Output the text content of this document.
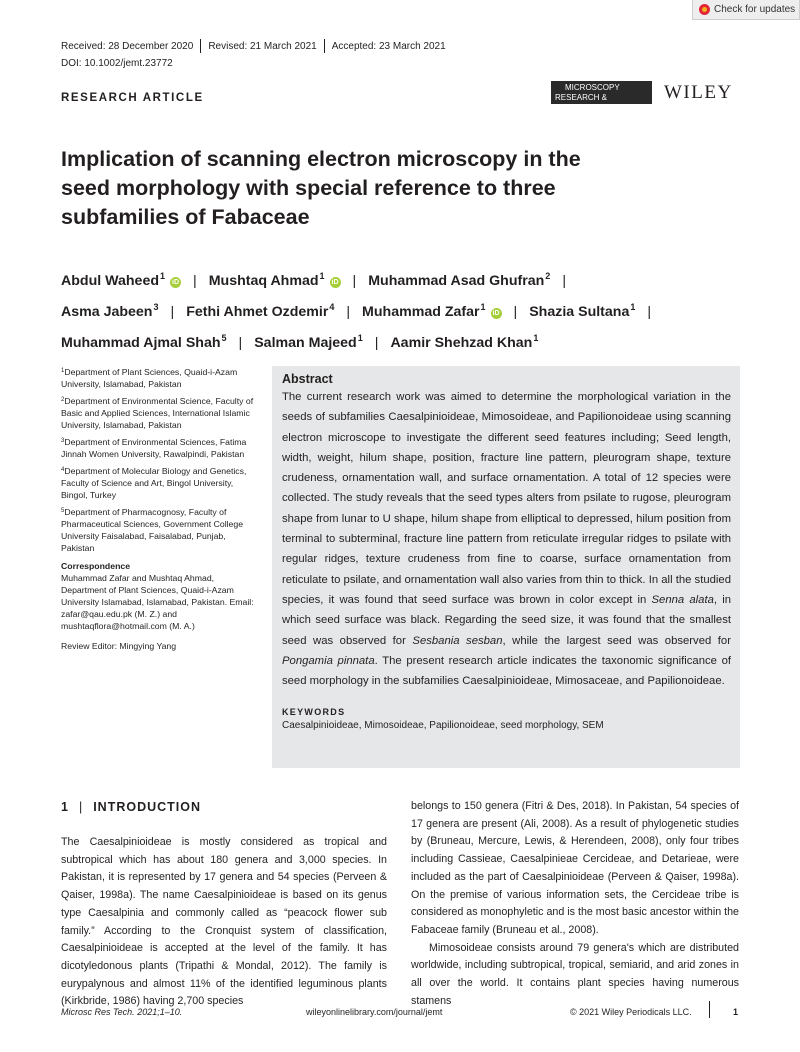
Check for updates
Received: 28 December 2020 Revised: 21 March 2021 Accepted: 23 March 2021
DOI: 10.1002/jemt.23772
RESEARCH ARTICLE
MICROSCOPY
RESEARCH & TECHNIQUE
WILEY
Implication of scanning electron microscopy in the seed morphology with special reference to three subfamilies of Fabaceae
Abdul Waheed$^1$iD | Mushtaq Ahmad$^1$iD | Muhammad Asad Ghufran$^2$ |
Asma Jabeen$^3$ | Fethi Ahmet Ozdemir$^4$ | Muhammad Zafar$^1$iD | Shazia Sultana$^1$ |
Muhammad Ajmal Shah$^5$ | Salman Majeed$^1$ | Aamir Shehzad Khan$^1$

$^1$Department of Plant Sciences, Quaid-i-Azam University, Islamabad, Pakistan

$^2$Department of Environmental Science, Faculty of Basic and Applied Sciences, International Islamic University, Islamabad, Pakistan

$^3$Department of Environmental Sciences, Fatima Jinnah Women University, Rawalpindi, Pakistan

$^4$Department of Molecular Biology and Genetics, Faculty of Science and Art, Bingol University, Bingol, Turkey

$^5$Department of Pharmacognosy, Faculty of Pharmaceutical Sciences, Government College University Faisalabad, Faisalabad, Punjab, Pakistan

Correspondence

Muhammad Zafar and Mushtaq Ahmad, Department of Plant Sciences, Quaid-i-Azam University Islamabad, Islamabad, Pakistan. Email: zafar@qau.edu.pk (M. Z.) and mushtaqflora@hotmail.com (M. A.)

Review Editor: Mingying Yang

Abstract

The current research work was aimed to determine the morphological variation in the seeds of subfamilies Caesalpinioideae, Mimosoideae, and Papilionoideae using scanning electron microscope to investigate the different seed features including; Seed length, width, weight, hilum shape, position, fracture line pattern, pleurogram shape, texture crudeness, ornamentation wall, and surface ornamentation. A total of 12 species were collected. The study reveals that the seed types alters from psilate to rugose, pleurogram shape from lunar to U shape, hilum shape from elliptical to depressed, hilum position from terminal to subterminal, fracture line pattern from reticulate irregular ridges to psilate with regular ridges, texture crudeness from fine to coarse, surface ornamentation from reticulate to psilate, and ornamentation wall also varies from thin to thick. In all the studied species, it was found that seed surface was brown in color except in Senna alata, in which seed surface was black. Regarding the seed size, it was found that the smallest seed was observed for Sesbania sesban, while the largest seed was observed for Pongamia pinnata. The present research article indicates the taxonomic significance of seed morphology in the subfamilies Caesalpinioideae, Mimosaceae, and Papilionoideae.

KEYWORDS
Caesalpinioideae, Mimosoideae, Papilionoideae, seed morphology, SEM
1 | INTRODUCTION

The Caesalpinioideae is mostly considered as tropical and subtropical which has about 180 genera and 3,000 species. In Pakistan, it is represented by 17 genera and 54 species (Perveen & Qaiser, 1998a). The name Caesalpinioideae is based on its genus type Caesalpinia and commonly called as “peacock flower sub family.” According to the Cronquist system of classification, Caesalpinioideae is accepted at the level of the family. It has dicotyledonous plants (Tripathi & Mondal, 2012). The family is eurypalynous and almost 11% of the identified leguminous plants (Kirkbride, 1986) having 2,700 species

belongs to 150 genera (Fitri & Des, 2018). In Pakistan, 54 species of 17 genera are present (Ali, 2008). As a result of phylogenetic studies by (Bruneau, Mercure, Lewis, & Herendeen, 2008), only four tribes including Cassieae, Caesalpinieae Cercideae, and Detarieae, were included as the part of Caesalpinioideae (Perveen & Qaiser, 1998a). On the premise of various information sets, the Cercideae tribe is considered as monophyletic and is the most basic ancestor within the Fabaceae family (Bruneau et al., 2008).

Mimosoideae consists around 79 genera's which are distributed worldwide, including subtropical, tropical, semiarid, and arid zones in all over the world. It contains plant species having numerous stamens

Microsc Res Tech. 2021;1–10.	wileyonlinelibrary.com/journal/jemt	© 2021 Wiley Periodicals LLC.	1
